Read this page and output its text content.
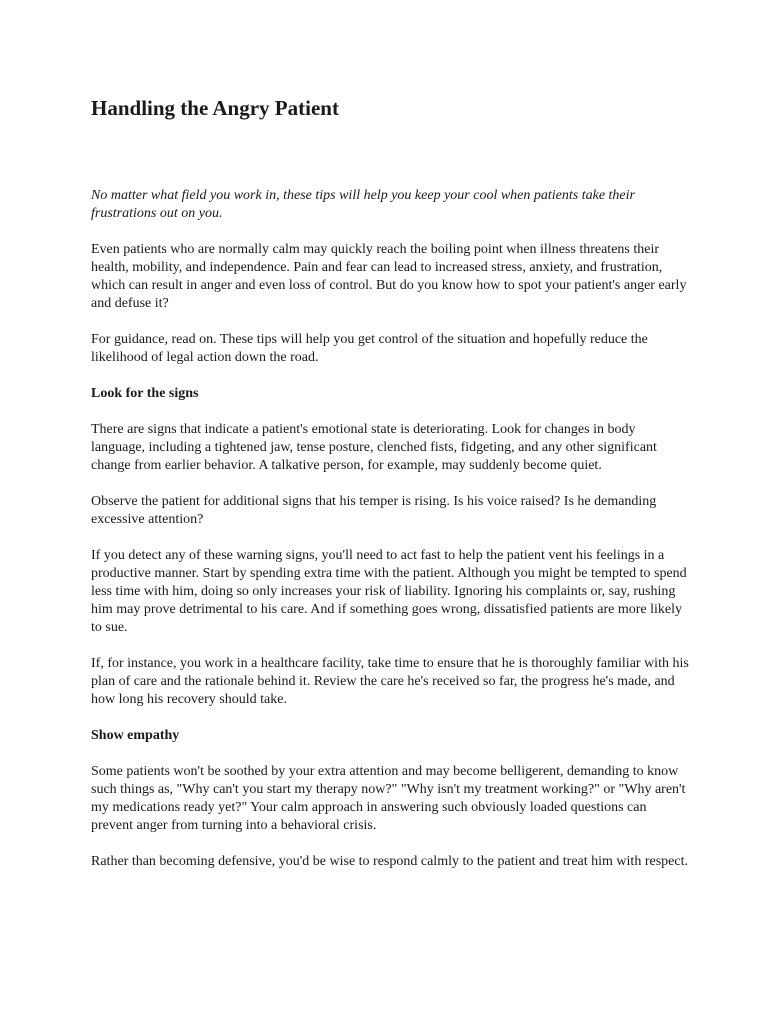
Handling the Angry Patient

No matter what field you work in, these tips will help you keep your cool when patients take their frustrations out on you.

Even patients who are normally calm may quickly reach the boiling point when illness threatens their health, mobility, and independence. Pain and fear can lead to increased stress, anxiety, and frustration, which can result in anger and even loss of control. But do you know how to spot your patient's anger early and defuse it?

For guidance, read on. These tips will help you get control of the situation and hopefully reduce the likelihood of legal action down the road.

Look for the signs

There are signs that indicate a patient's emotional state is deteriorating. Look for changes in body language, including a tightened jaw, tense posture, clenched fists, fidgeting, and any other significant change from earlier behavior. A talkative person, for example, may suddenly become quiet.

Observe the patient for additional signs that his temper is rising. Is his voice raised? Is he demanding excessive attention?

If you detect any of these warning signs, you'll need to act fast to help the patient vent his feelings in a productive manner. Start by spending extra time with the patient. Although you might be tempted to spend less time with him, doing so only increases your risk of liability. Ignoring his complaints or, say, rushing him may prove detrimental to his care. And if something goes wrong, dissatisfied patients are more likely to sue.

If, for instance, you work in a healthcare facility, take time to ensure that he is thoroughly familiar with his plan of care and the rationale behind it. Review the care he's received so far, the progress he's made, and how long his recovery should take.

Show empathy

Some patients won't be soothed by your extra attention and may become belligerent, demanding to know such things as, "Why can't you start my therapy now?" "Why isn't my treatment working?" or "Why aren't my medications ready yet?" Your calm approach in answering such obviously loaded questions can prevent anger from turning into a behavioral crisis.

Rather than becoming defensive, you'd be wise to respond calmly to the patient and treat him with respect.
